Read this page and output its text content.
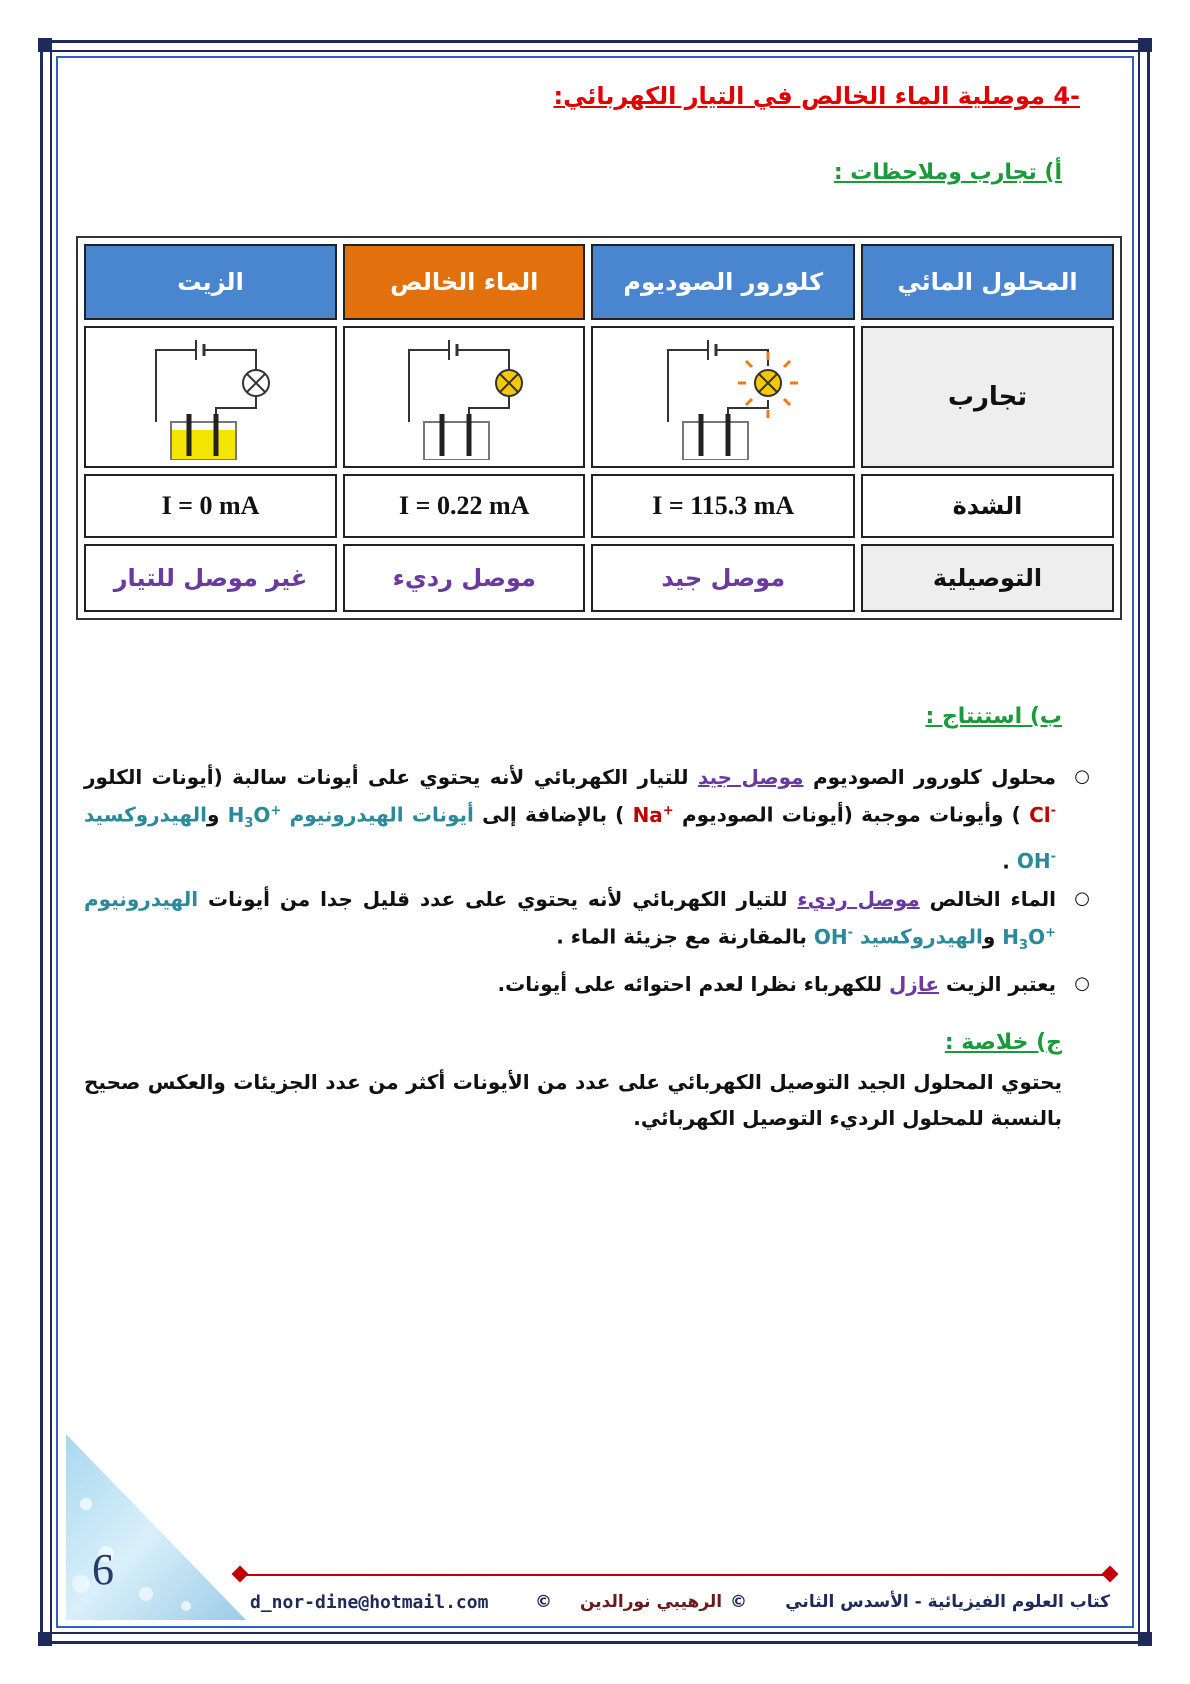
-4 موصلية الماء الخالص في التيار الكهربائي:
أ) تجارب وملاحظات :
المحلول المائي	كلورور الصوديوم	الماء الخالص	الزيت
تجارب			
الشدة	I = 115.3 mA	I = 0.22 mA	I = 0 mA
التوصيلية	موصل جيد	موصل رديء	غير موصل للتيار
ب) استنتاج :
○ محلول كلورور الصوديوم موصل جيد للتيار الكهربائي لأنه يحتوي على أيونات سالبة (أيونات الكلور Cl- ) وأيونات موجبة (أيونات الصوديوم Na+ ) بالإضافة إلى أيونات الهيدرونيوم $H_3O^+$ والهيدروكسيد OH- .
○ الماء الخالص موصل رديء للتيار الكهربائي لأنه يحتوي على عدد قليل جدا من أيونات الهيدرونيوم $H_3O^+$ والهيدروكسيد OH- بالمقارنة مع جزيئة الماء .
○ يعتبر الزيت عازل للكهرباء نظرا لعدم احتوائه على أيونات.
ج) خلاصة :
يحتوي المحلول الجيد التوصيل الكهربائي على عدد من الأيونات أكثر من عدد الجزيئات والعكس صحيح بالنسبة للمحلول الرديء التوصيل الكهربائي.
6
d_nor-dine@hotmail.com	© الرهيبي نورالدين © كتاب العلوم الفيزيائية - الأسدس الثاني
